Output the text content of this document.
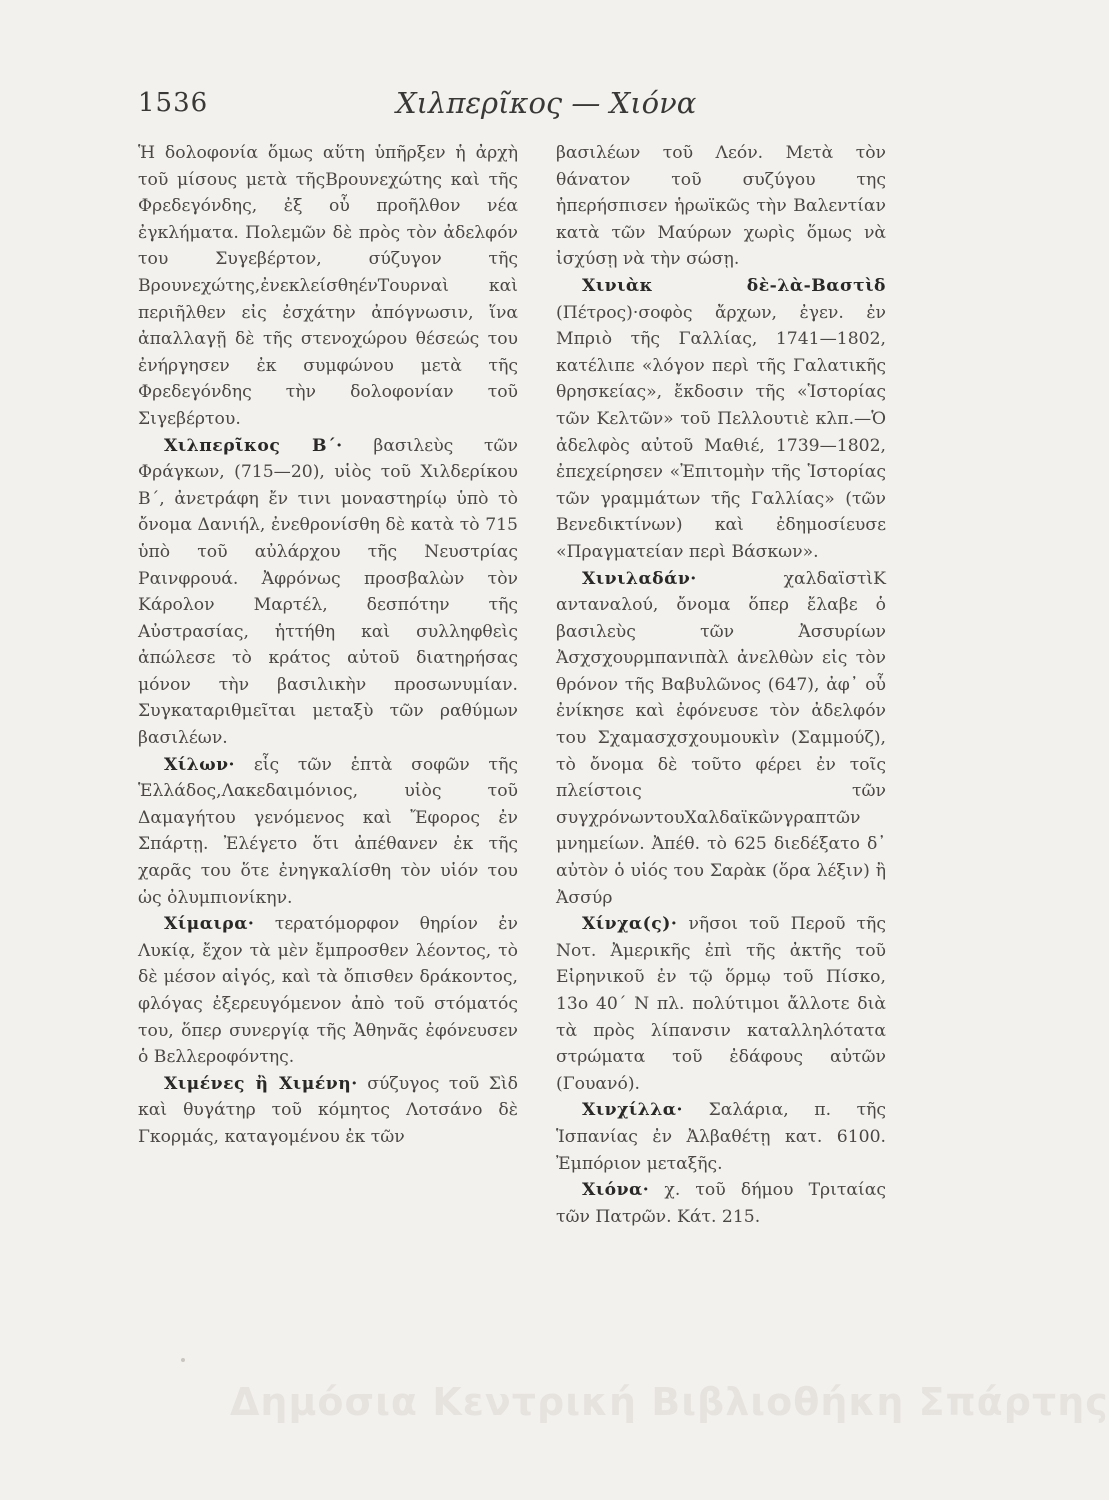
1536	Χιλπερῖκος — Χιόνα

Ἡ δολοφονία ὅμως αὕτη ὑπῆρξεν ἡ ἀρχὴ τοῦ μίσους μετὰ τῆςΒρουνεχώτης καὶ τῆς Φρεδεγόνδης, ἐξ οὗ προῆλθον νέα ἐγκλήματα. Πολεμῶν δὲ πρὸς τὸν ἀδελφόν του Συγεβέρτον, σύζυγον τῆς Βρουνεχώτης,ἐνεκλείσθηένΤουρναὶ καὶ περιῆλθεν εἰς ἐσχάτην ἀπόγνωσιν, ἵνα ἀπαλλαγῇ δὲ τῆς στενοχώρου θέσεώς του ἐνήργησεν ἐκ συμφώνου μετὰ τῆς Φρεδεγόνδης τὴν δολοφονίαν τοῦ Σιγεβέρτου.

Χιλπερῖκος Β΄· βασιλεὺς τῶν Φράγκων, (715—20), υἱὸς τοῦ Χιλδερίκου Β΄, ἀνετράφη ἔν τινι μοναστηρίῳ ὑπὸ τὸ ὄνομα Δανιήλ, ἐνεθρονίσθη δὲ κατὰ τὸ 715 ὑπὸ τοῦ αὐλάρχου τῆς Νευστρίας Ραινφρουά. Ἀφρόνως προσβαλὼν τὸν Κάρολον Μαρτέλ, δεσπότην τῆς Αὐστρασίας, ἡττήθη καὶ συλληφθεὶς ἀπώλεσε τὸ κράτος αὐτοῦ διατηρήσας μόνον τὴν βασιλικὴν προσωνυμίαν. Συγκαταριθμεῖται μεταξὺ τῶν ραθύμων βασιλέων.

Χίλων· εἷς τῶν ἑπτὰ σοφῶν τῆς Ἑλλάδος,Λακεδαιμόνιος, υἱὸς τοῦ Δαμαγήτου γενόμενος καὶ Ἔφορος ἐν Σπάρτῃ. Ἐλέγετο ὅτι ἀπέθανεν ἐκ τῆς χαρᾶς του ὅτε ἐνηγκαλίσθη τὸν υἱόν του ὡς ὀλυμπιονίκην.

Χίμαιρα· τερατόμορφον θηρίον ἐν Λυκίᾳ, ἔχον τὰ μὲν ἔμπροσθεν λέοντος, τὸ δὲ μέσον αἰγός, καὶ τὰ ὄπισθεν δράκοντος, φλόγας ἐξερευγόμενον ἀπὸ τοῦ στόματός του, ὅπερ συνεργίᾳ τῆς Ἀθηνᾶς ἐφόνευσεν ὁ Βελλεροφόντης.

Χιμένες ἢ Χιμένη· σύζυγος τοῦ Σὶδ καὶ θυγάτηρ τοῦ κόμητος Λοτσάνο δὲ Γκορμάς, καταγομένου ἐκ τῶν

βασιλέων τοῦ Λεόν. Μετὰ τὸν θάνατον τοῦ συζύγου της ἠπερήσπισεν ἡρωϊκῶς τὴν Βαλεντίαν κατὰ τῶν Μαύρων χωρὶς ὅμως νὰ ἰσχύσῃ νὰ τὴν σώσῃ.

Χινιὰκ δὲ-λὰ-Βαστὶδ (Πέτρος)·σοφὸς ἄρχων, ἐγεν. ἐν Μπριὸ τῆς Γαλλίας, 1741—1802, κατέλιπε «λόγον περὶ τῆς Γαλατικῆς θρησκείας», ἔκδοσιν τῆς «Ἱστορίας τῶν Κελτῶν» τοῦ Πελλουτιὲ κλπ.—Ὁ ἀδελφὸς αὐτοῦ Μαθιέ, 1739—1802, ἐπεχείρησεν «Ἐπιτομὴν τῆς Ἱστορίας τῶν γραμμάτων τῆς Γαλλίας» (τῶν Βενεδικτίνων) καὶ ἐδημοσίευσε «Πραγματείαν περὶ Βάσκων».

Χινιλαδάν·	χαλδαϊστὶΚ ανταναλού, ὄνομα ὅπερ ἔλαβε ὁ βασιλεὺς τῶν Ἀσσυρίων Ἀσχσχουρμπανιπὰλ ἀνελθὼν εἰς τὸν θρόνον τῆς Βαβυλῶνος (647), ἀφ᾽ οὗ ἐνίκησε καὶ ἐφόνευσε τὸν ἀδελφόν του Σχαμασχσχουμουκὶν (Σαμμούζ), τὸ ὄνομα δὲ τοῦτο φέρει ἐν τοῖς πλείστοις τῶν συγχρόνωντουΧαλδαϊκῶνγραπτῶν μνημείων. Ἀπέθ. τὸ 625 διεδέξατο δ᾽ αὐτὸν ὁ υἱός του Σαρὰκ (ὅρα λέξιν) ἢ Ἀσσύρ

Χίνχα(ς)· νῆσοι τοῦ Περοῦ τῆς Νοτ. Ἀμερικῆς ἐπὶ τῆς ἀκτῆς τοῦ Εἰρηνικοῦ ἐν τῷ ὅρμῳ τοῦ Πίσκο, 13ο 40΄ Ν πλ. πολύτιμοι ἄλλοτε διὰ τὰ πρὸς λίπανσιν καταλληλότατα στρώματα τοῦ ἐδάφους αὐτῶν (Γουανό).

Χινχίλλα· Σαλάρια, π. τῆς Ἱσπανίας ἐν Ἀλβαθέτῃ κατ. 6100. Ἐμπόριον μεταξῆς.

Χιόνα· χ. τοῦ δήμου Τριταίας τῶν Πατρῶν. Κάτ. 215.

Δημόσια Κεντρική Βιβλιοθήκη Σπάρτης
